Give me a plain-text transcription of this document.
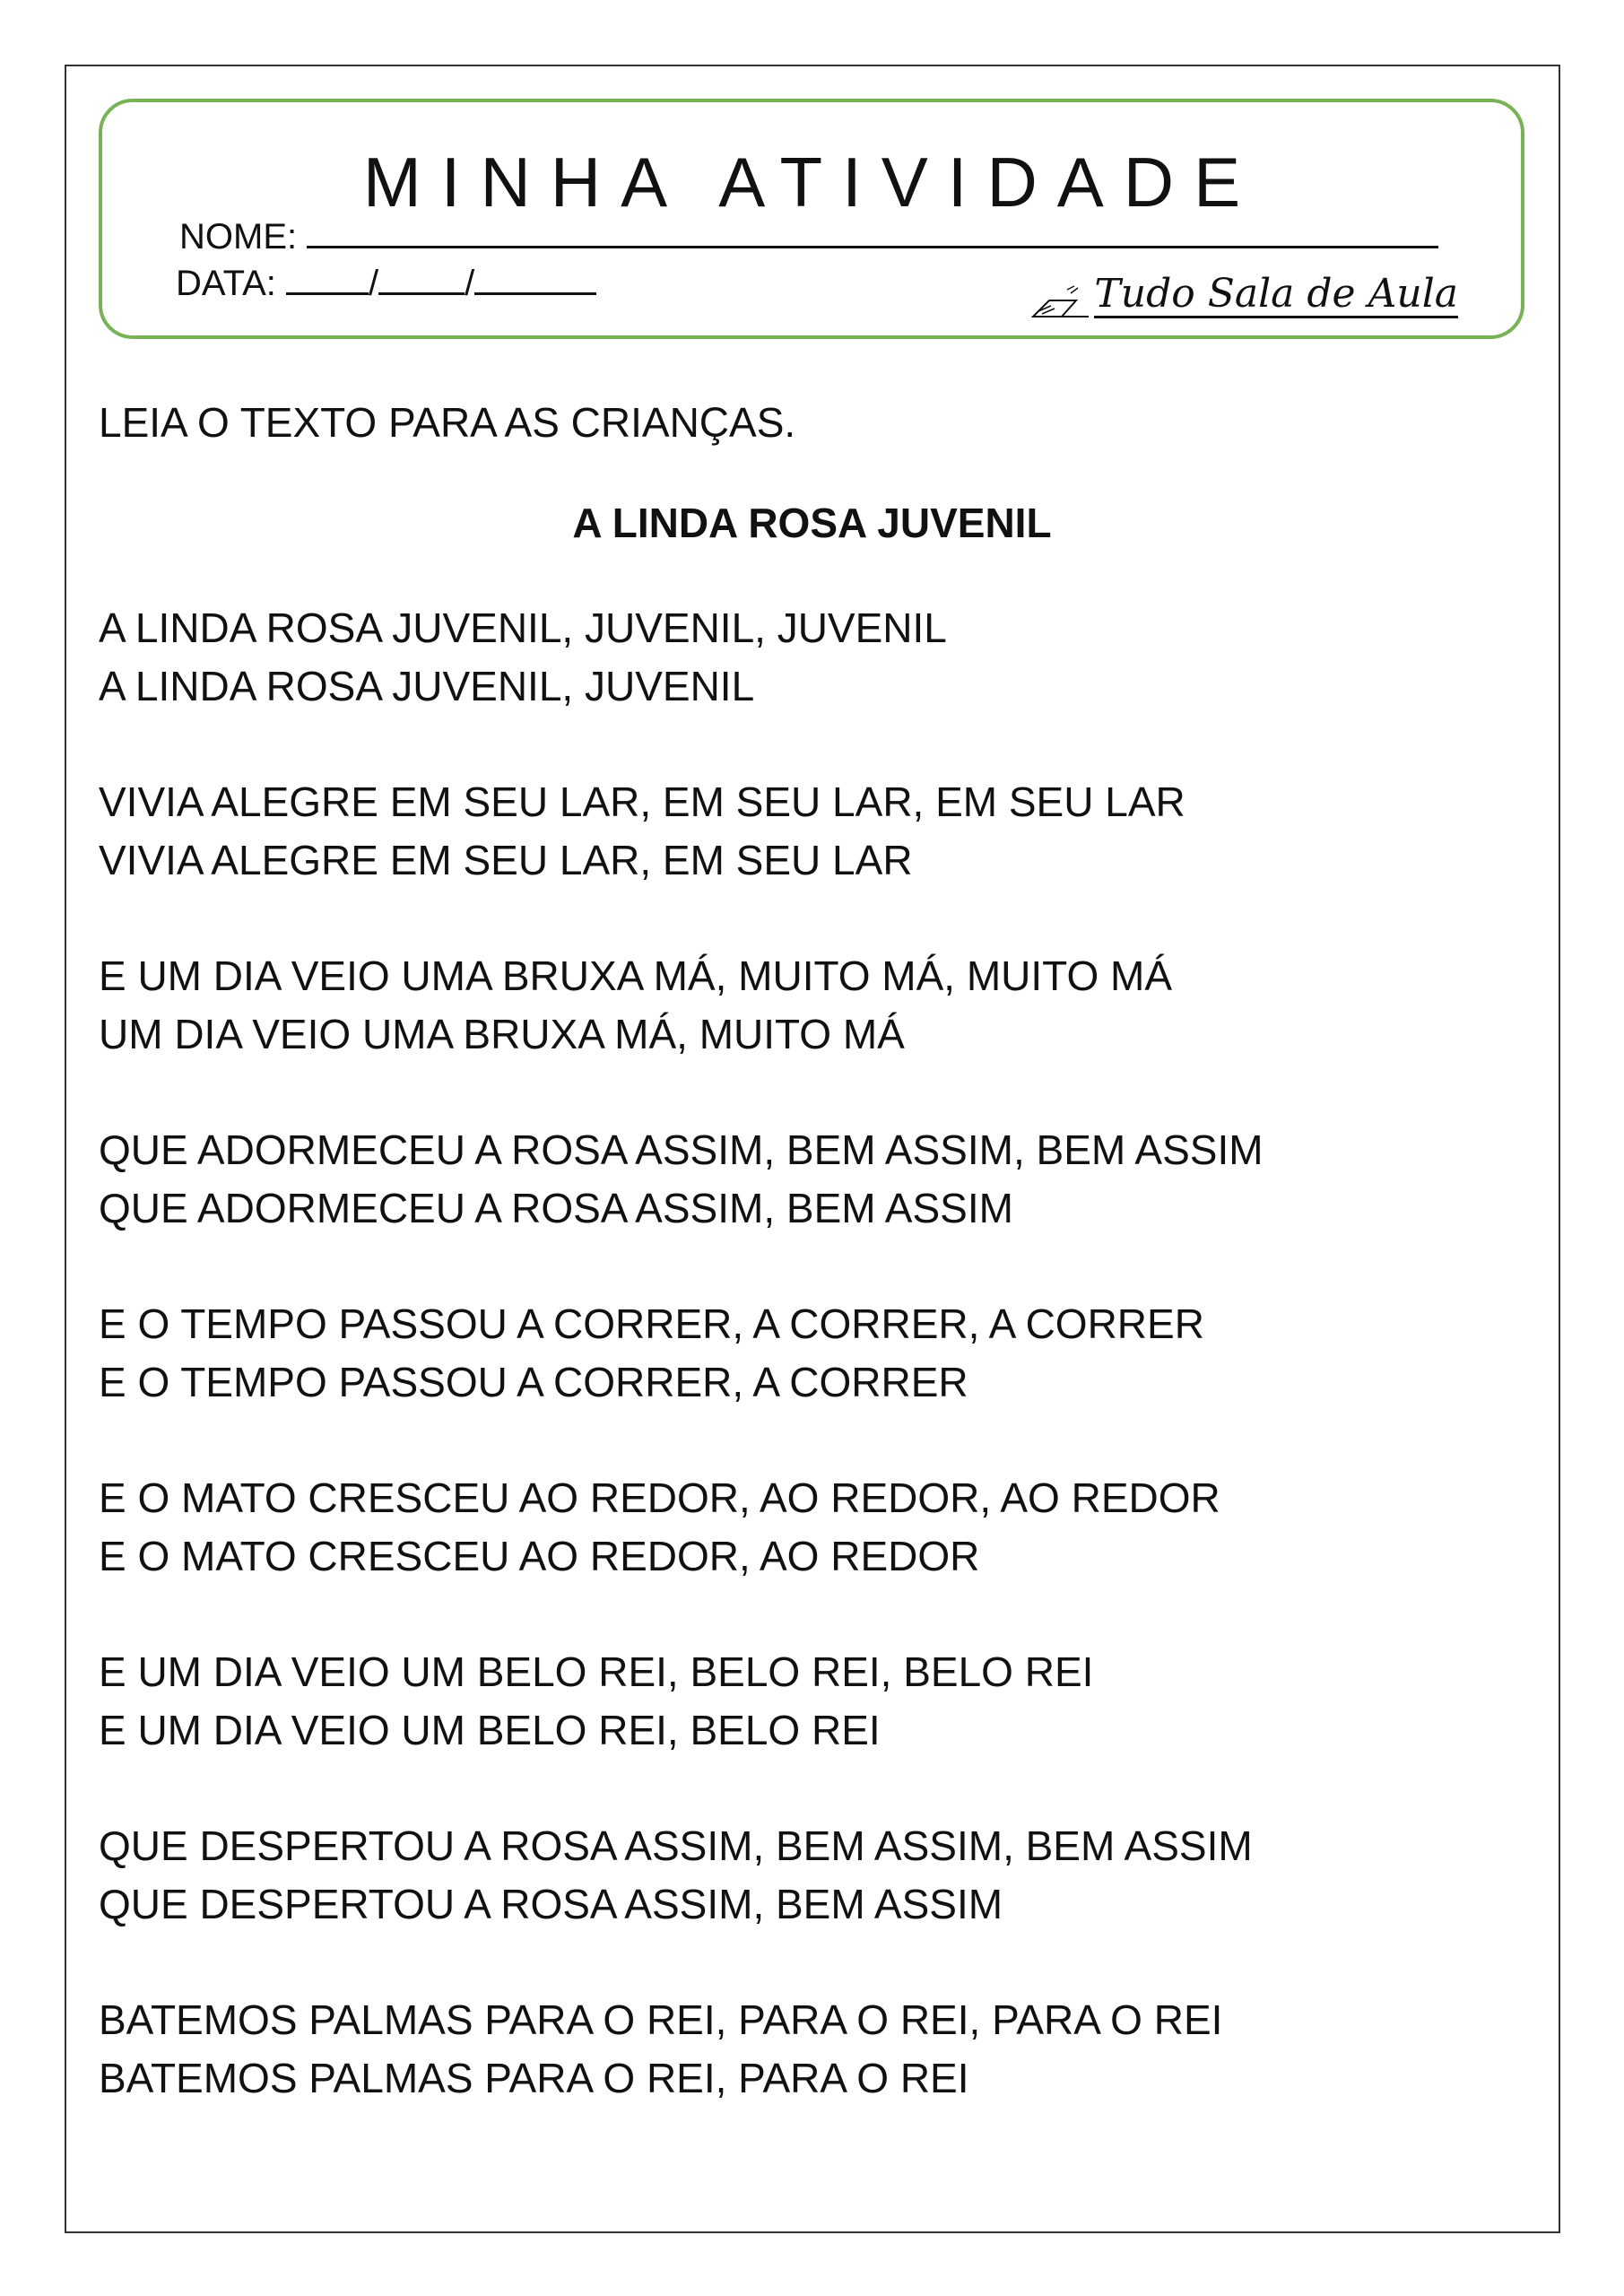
MINHA ATIVIDADE
NOME:
DATA:	/ /	Tudo Sala de Aula
LEIA O TEXTO PARA AS CRIANÇAS.
A LINDA ROSA JUVENIL
A LINDA ROSA JUVENIL, JUVENIL, JUVENIL
A LINDA ROSA JUVENIL, JUVENIL
VIVIA ALEGRE EM SEU LAR, EM SEU LAR, EM SEU LAR
VIVIA ALEGRE EM SEU LAR, EM SEU LAR
E UM DIA VEIO UMA BRUXA MÁ, MUITO MÁ, MUITO MÁ
UM DIA VEIO UMA BRUXA MÁ, MUITO MÁ
QUE ADORMECEU A ROSA ASSIM, BEM ASSIM, BEM ASSIM
QUE ADORMECEU A ROSA ASSIM, BEM ASSIM
E O TEMPO PASSOU A CORRER, A CORRER, A CORRER
E O TEMPO PASSOU A CORRER, A CORRER
E O MATO CRESCEU AO REDOR, AO REDOR, AO REDOR
E O MATO CRESCEU AO REDOR, AO REDOR
E UM DIA VEIO UM BELO REI, BELO REI, BELO REI
E UM DIA VEIO UM BELO REI, BELO REI
QUE DESPERTOU A ROSA ASSIM, BEM ASSIM, BEM ASSIM
QUE DESPERTOU A ROSA ASSIM, BEM ASSIM
BATEMOS PALMAS PARA O REI, PARA O REI, PARA O REI
BATEMOS PALMAS PARA O REI, PARA O REI
